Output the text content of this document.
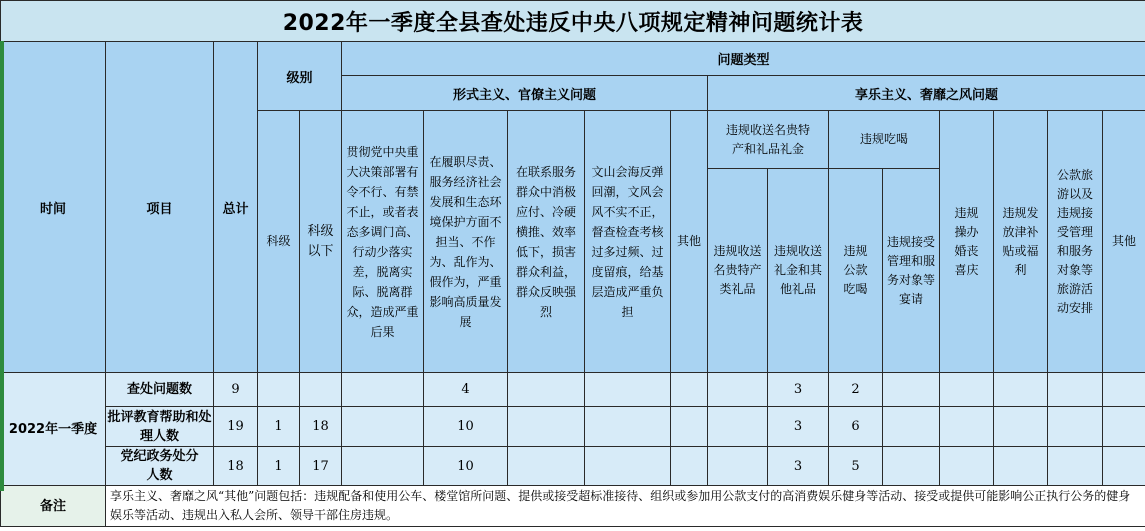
2022年一季度全县查处违反中央八项规定精神问题统计表																	
时间	项目	总计	级别		问题类型												
					形式主义、官僚主义问题					享乐主义、奢靡之风问题							
			科级	科级以下	贯彻党中央重大决策部署有令不行、有禁不止，或者表态多调门高、行动少落实差，脱离实际、脱离群众，造成严重后果	在履职尽责、服务经济社会发展和生态环境保护方面不担当、不作为、乱作为、假作为，严重影响高质量发展	在联系服务群众中消极应付、冷硬横推、效率低下，损害群众利益，群众反映强烈	文山会海反弹回潮，文风会风不实不正，督查检查考核过多过频、过度留痕，给基层造成严重负担	其他	违规收送名贵特产和礼品礼金		违规吃喝		违规操办婚丧喜庆	违规发放津补贴或福利	公款旅游以及违规接受管理和服务对象等旅游活动安排	其他
										违规收送名贵特产类礼品	违规收送礼金和其他礼品	违规公款吃喝	违规接受管理和服务对象等宴请				
2022年一季度	查处问题数	9				4					3	2					
	批评教育帮助和处理人数	19	1	18		10					3	6					
	党纪政务处分人数	18	1	17		10					3	5					
备注	享乐主义、奢靡之风“其他”问题包括：违规配备和使用公车、楼堂馆所问题、提供或接受超标准接待、组织或参加用公款支付的高消费娱乐健身等活动、接受或提供可能影响公正执行公务的健身娱乐等活动、违规出入私人会所、领导干部住房违规。																
